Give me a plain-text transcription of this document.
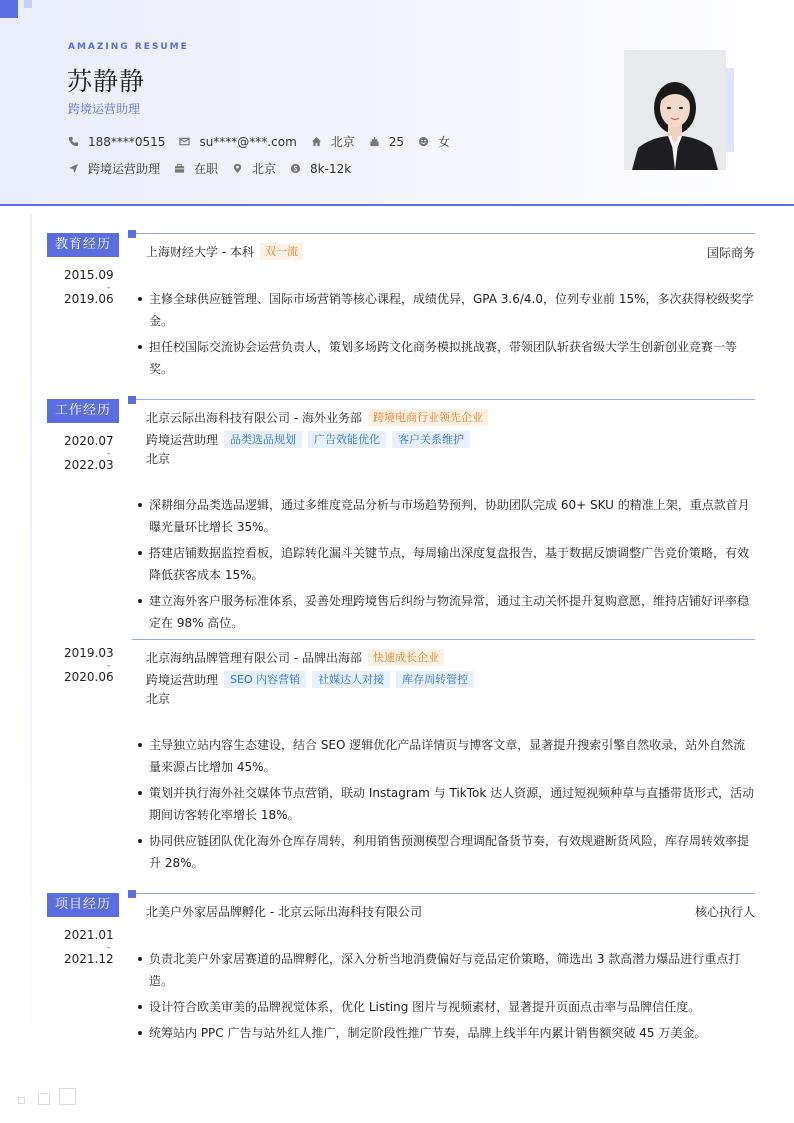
AMAZING RESUME
苏静静
跨境运营助理
188****0515	su****@***.com	北京	25	女
跨境运营助理	在职	北京	8k-12k
教育经历
2015.09
-
2019.06
上海财经大学 - 本科	双一流	国际商务
主修全球供应链管理、国际市场营销等核心课程，成绩优异，GPA 3.6/4.0，位列专业前 15%，多次获得校级奖学金。
担任校国际交流协会运营负责人，策划多场跨文化商务模拟挑战赛，带领团队斩获省级大学生创新创业竞赛一等奖。
工作经历
2020.07
-
2022.03
北京云际出海科技有限公司 - 海外业务部	跨境电商行业领先企业
跨境运营助理	品类选品规划	广告效能优化	客户关系维护
北京
深耕细分品类选品逻辑，通过多维度竞品分析与市场趋势预判，协助团队完成 60+ SKU 的精准上架，重点款首月曝光量环比增长 35%。
搭建店铺数据监控看板，追踪转化漏斗关键节点，每周输出深度复盘报告，基于数据反馈调整广告竞价策略，有效降低获客成本 15%。
建立海外客户服务标准体系，妥善处理跨境售后纠纷与物流异常，通过主动关怀提升复购意愿，维持店铺好评率稳定在 98% 高位。
2019.03
-
2020.06
北京海纳品牌管理有限公司 - 品牌出海部	快速成长企业
跨境运营助理	SEO 内容营销	社媒达人对接	库存周转管控
北京
主导独立站内容生态建设，结合 SEO 逻辑优化产品详情页与博客文章，显著提升搜索引擎自然收录，站外自然流量来源占比增加 45%。
策划并执行海外社交媒体节点营销，联动 Instagram 与 TikTok 达人资源，通过短视频种草与直播带货形式，活动期间访客转化率增长 18%。
协同供应链团队优化海外仓库存周转，利用销售预测模型合理调配备货节奏，有效规避断货风险，库存周转效率提升 28%。
项目经历
2021.01
-
2021.12
北美户外家居品牌孵化 - 北京云际出海科技有限公司	核心执行人
负责北美户外家居赛道的品牌孵化，深入分析当地消费偏好与竞品定价策略，筛选出 3 款高潜力爆品进行重点打造。
设计符合欧美审美的品牌视觉体系，优化 Listing 图片与视频素材，显著提升页面点击率与品牌信任度。
统筹站内 PPC 广告与站外红人推广，制定阶段性推广节奏，品牌上线半年内累计销售额突破 45 万美金。
